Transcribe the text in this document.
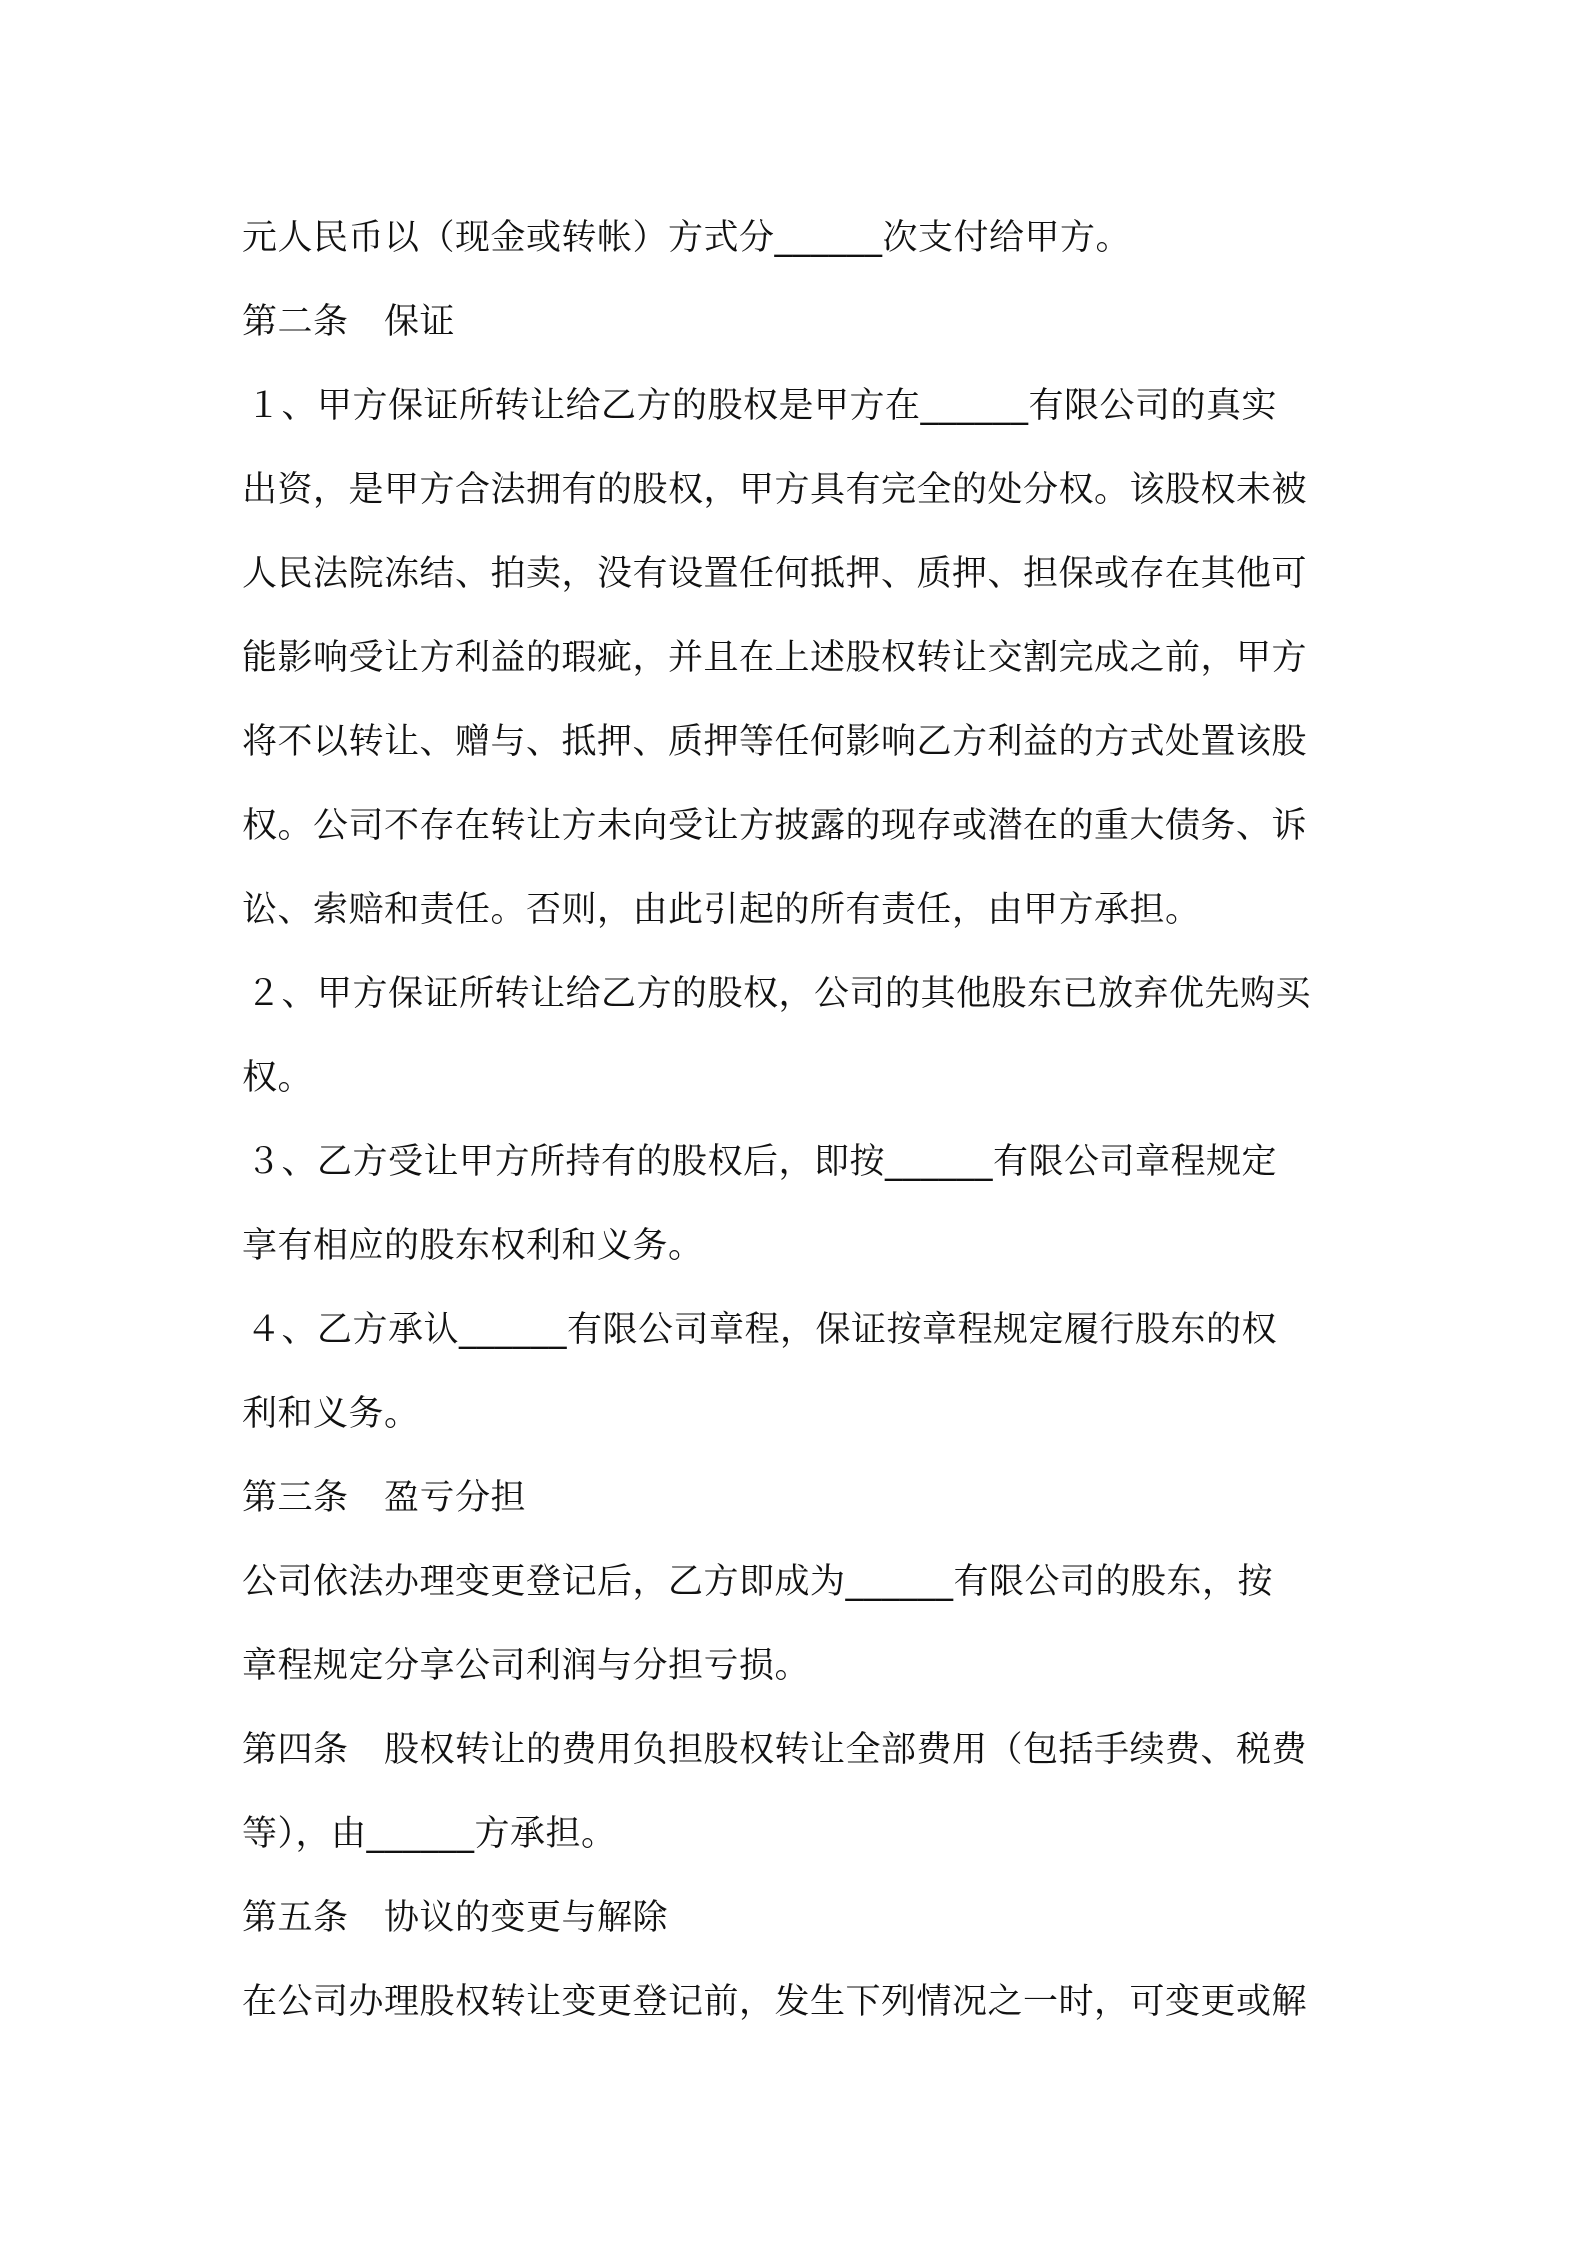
元人民币以（现金或转帐）方式分______次支付给甲方。
第二条　保证
１、甲方保证所转让给乙方的股权是甲方在______有限公司的真实
出资，是甲方合法拥有的股权，甲方具有完全的处分权。该股权未被
人民法院冻结、拍卖，没有设置任何抵押、质押、担保或存在其他可
能影响受让方利益的瑕疵，并且在上述股权转让交割完成之前，甲方
将不以转让、赠与、抵押、质押等任何影响乙方利益的方式处置该股
权。公司不存在转让方未向受让方披露的现存或潜在的重大债务、诉
讼、索赔和责任。否则，由此引起的所有责任，由甲方承担。
２、甲方保证所转让给乙方的股权，公司的其他股东已放弃优先购买
权。
３、乙方受让甲方所持有的股权后，即按______有限公司章程规定
享有相应的股东权利和义务。
４、乙方承认______有限公司章程，保证按章程规定履行股东的权
利和义务。
第三条　盈亏分担
公司依法办理变更登记后，乙方即成为______有限公司的股东，按
章程规定分享公司利润与分担亏损。
第四条　股权转让的费用负担股权转让全部费用（包括手续费、税费
等），由______方承担。
第五条　协议的变更与解除
在公司办理股权转让变更登记前，发生下列情况之一时，可变更或解
